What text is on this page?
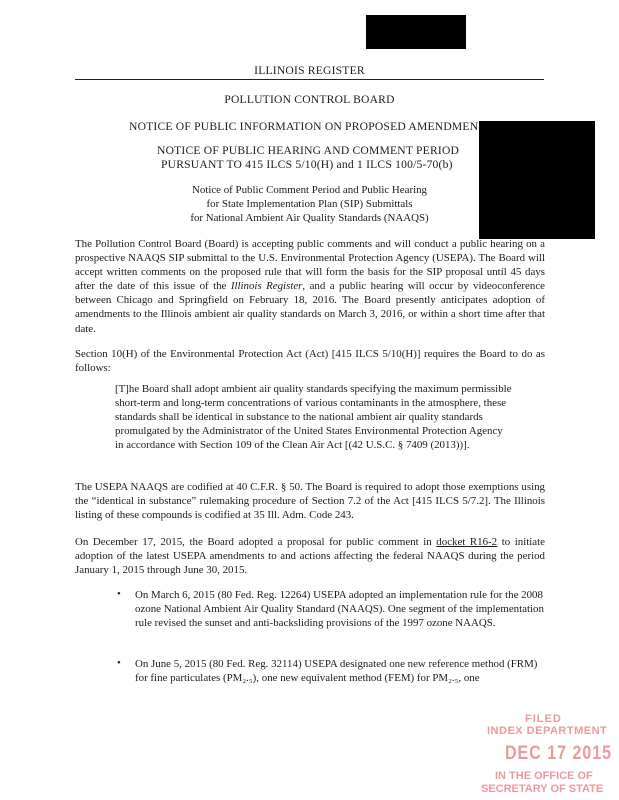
ILLINOIS REGISTER
POLLUTION CONTROL BOARD
NOTICE OF PUBLIC INFORMATION ON PROPOSED AMENDMEN
NOTICE OF PUBLIC HEARING AND COMMENT PERIOD
PURSUANT TO 415 ILCS 5/10(H) and 1 ILCS 100/5-70(b)
Notice of Public Comment Period and Public Hearing
for State Implementation Plan (SIP) Submittals
for National Ambient Air Quality Standards (NAAQS)
The Pollution Control Board (Board) is accepting public comments and will conduct a public hearing on a prospective NAAQS SIP submittal to the U.S. Environmental Protection Agency (USEPA). The Board will accept written comments on the proposed rule that will form the basis for the SIP proposal until 45 days after the date of this issue of the Illinois Register, and a public hearing will occur by videoconference between Chicago and Springfield on February 18, 2016. The Board presently anticipates adoption of amendments to the Illinois ambient air quality standards on March 3, 2016, or within a short time after that date.
Section 10(H) of the Environmental Protection Act (Act) [415 ILCS 5/10(H)] requires the Board to do as follows:
[T]he Board shall adopt ambient air quality standards specifying the maximum permissible short-term and long-term concentrations of various contaminants in the atmosphere, these standards shall be identical in substance to the national ambient air quality standards promulgated by the Administrator of the United States Environmental Protection Agency in accordance with Section 109 of the Clean Air Act [(42 U.S.C. § 7409 (2013))].
The USEPA NAAQS are codified at 40 C.F.R. § 50. The Board is required to adopt those exemptions using the “identical in substance” rulemaking procedure of Section 7.2 of the Act [415 ILCS 5/7.2]. The Illinois listing of these compounds is codified at 35 Ill. Adm. Code 243.
On December 17, 2015, the Board adopted a proposal for public comment in docket R16-2 to initiate adoption of the latest USEPA amendments to and actions affecting the federal NAAQS during the period January 1, 2015 through June 30, 2015.
• On March 6, 2015 (80 Fed. Reg. 12264) USEPA adopted an implementation rule for the 2008 ozone National Ambient Air Quality Standard (NAAQS). One segment of the implementation rule revised the sunset and anti-backsliding provisions of the 1997 ozone NAAQS.
• On June 5, 2015 (80 Fed. Reg. 32114) USEPA designated one new reference method (FRM) for fine particulates (PM₂.₅), one new equivalent method (FEM) for PM₂.₅, one
FILED
INDEX DEPARTMENT
DEC 17 2015
IN THE OFFICE OF
SECRETARY OF STATE
